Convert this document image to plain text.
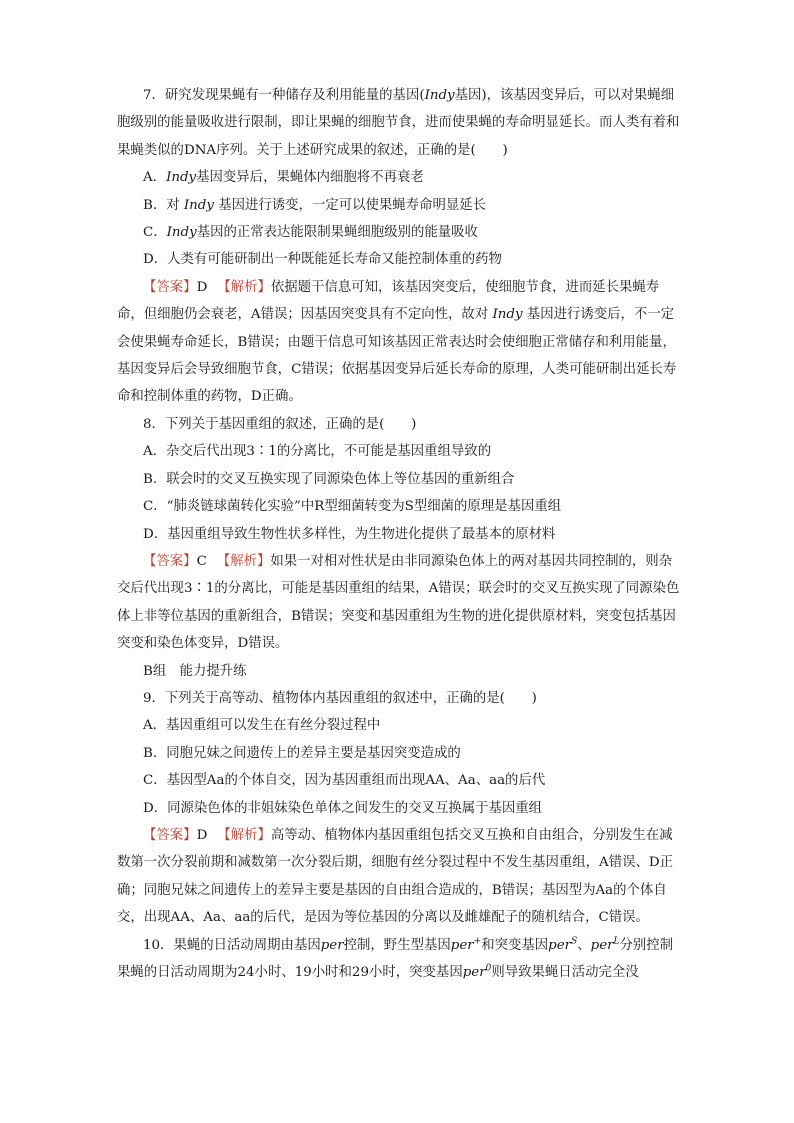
7．研究发现果蝇有一种储存及利用能量的基因(Indy基因)，该基因变异后，可以对果蝇细胞级别的能量吸收进行限制，即让果蝇的细胞节食，进而使果蝇的寿命明显延长。而人类有着和果蝇类似的DNA序列。关于上述研究成果的叙述，正确的是(　　)

A．Indy基因变异后，果蝇体内细胞将不再衰老

B．对 Indy 基因进行诱变，一定可以使果蝇寿命明显延长

C．Indy基因的正常表达能限制果蝇细胞级别的能量吸收

D．人类有可能研制出一种既能延长寿命又能控制体重的药物

【答案】D 【解析】依据题干信息可知，该基因突变后，使细胞节食，进而延长果蝇寿命，但细胞仍会衰老，A错误；因基因突变具有不定向性，故对 Indy 基因进行诱变后，不一定会使果蝇寿命延长，B错误；由题干信息可知该基因正常表达时会使细胞正常储存和利用能量，基因变异后会导致细胞节食，C错误；依据基因变异后延长寿命的原理，人类可能研制出延长寿命和控制体重的药物，D正确。

8．下列关于基因重组的叙述，正确的是(　　)

A．杂交后代出现3∶1的分离比，不可能是基因重组导致的

B．联会时的交叉互换实现了同源染色体上等位基因的重新组合

C．“肺炎链球菌转化实验”中R型细菌转变为S型细菌的原理是基因重组

D．基因重组导致生物性状多样性，为生物进化提供了最基本的原材料

【答案】C 【解析】如果一对相对性状是由非同源染色体上的两对基因共同控制的，则杂交后代出现3∶1的分离比，可能是基因重组的结果，A错误；联会时的交叉互换实现了同源染色体上非等位基因的重新组合，B错误；突变和基因重组为生物的进化提供原材料，突变包括基因突变和染色体变异，D错误。

B组　能力提升练

9．下列关于高等动、植物体内基因重组的叙述中，正确的是(　　)

A．基因重组可以发生在有丝分裂过程中

B．同胞兄妹之间遗传上的差异主要是基因突变造成的

C．基因型Aa的个体自交，因为基因重组而出现AA、Aa、aa的后代

D．同源染色体的非姐妹染色单体之间发生的交叉互换属于基因重组

【答案】D 【解析】高等动、植物体内基因重组包括交叉互换和自由组合，分别发生在减数第一次分裂前期和减数第一次分裂后期，细胞有丝分裂过程中不发生基因重组，A错误、D正确；同胞兄妹之间遗传上的差异主要是基因的自由组合造成的，B错误；基因型为Aa的个体自交，出现AA、Aa、aa的后代，是因为等位基因的分离以及雌雄配子的随机结合，C错误。

10．果蝇的日活动周期由基因per控制，野生型基因per+和突变基因per$^S$、per$^L$分别控制果蝇的日活动周期为24小时、19小时和29小时，突变基因per$^0$则导致果蝇日活动完全没
